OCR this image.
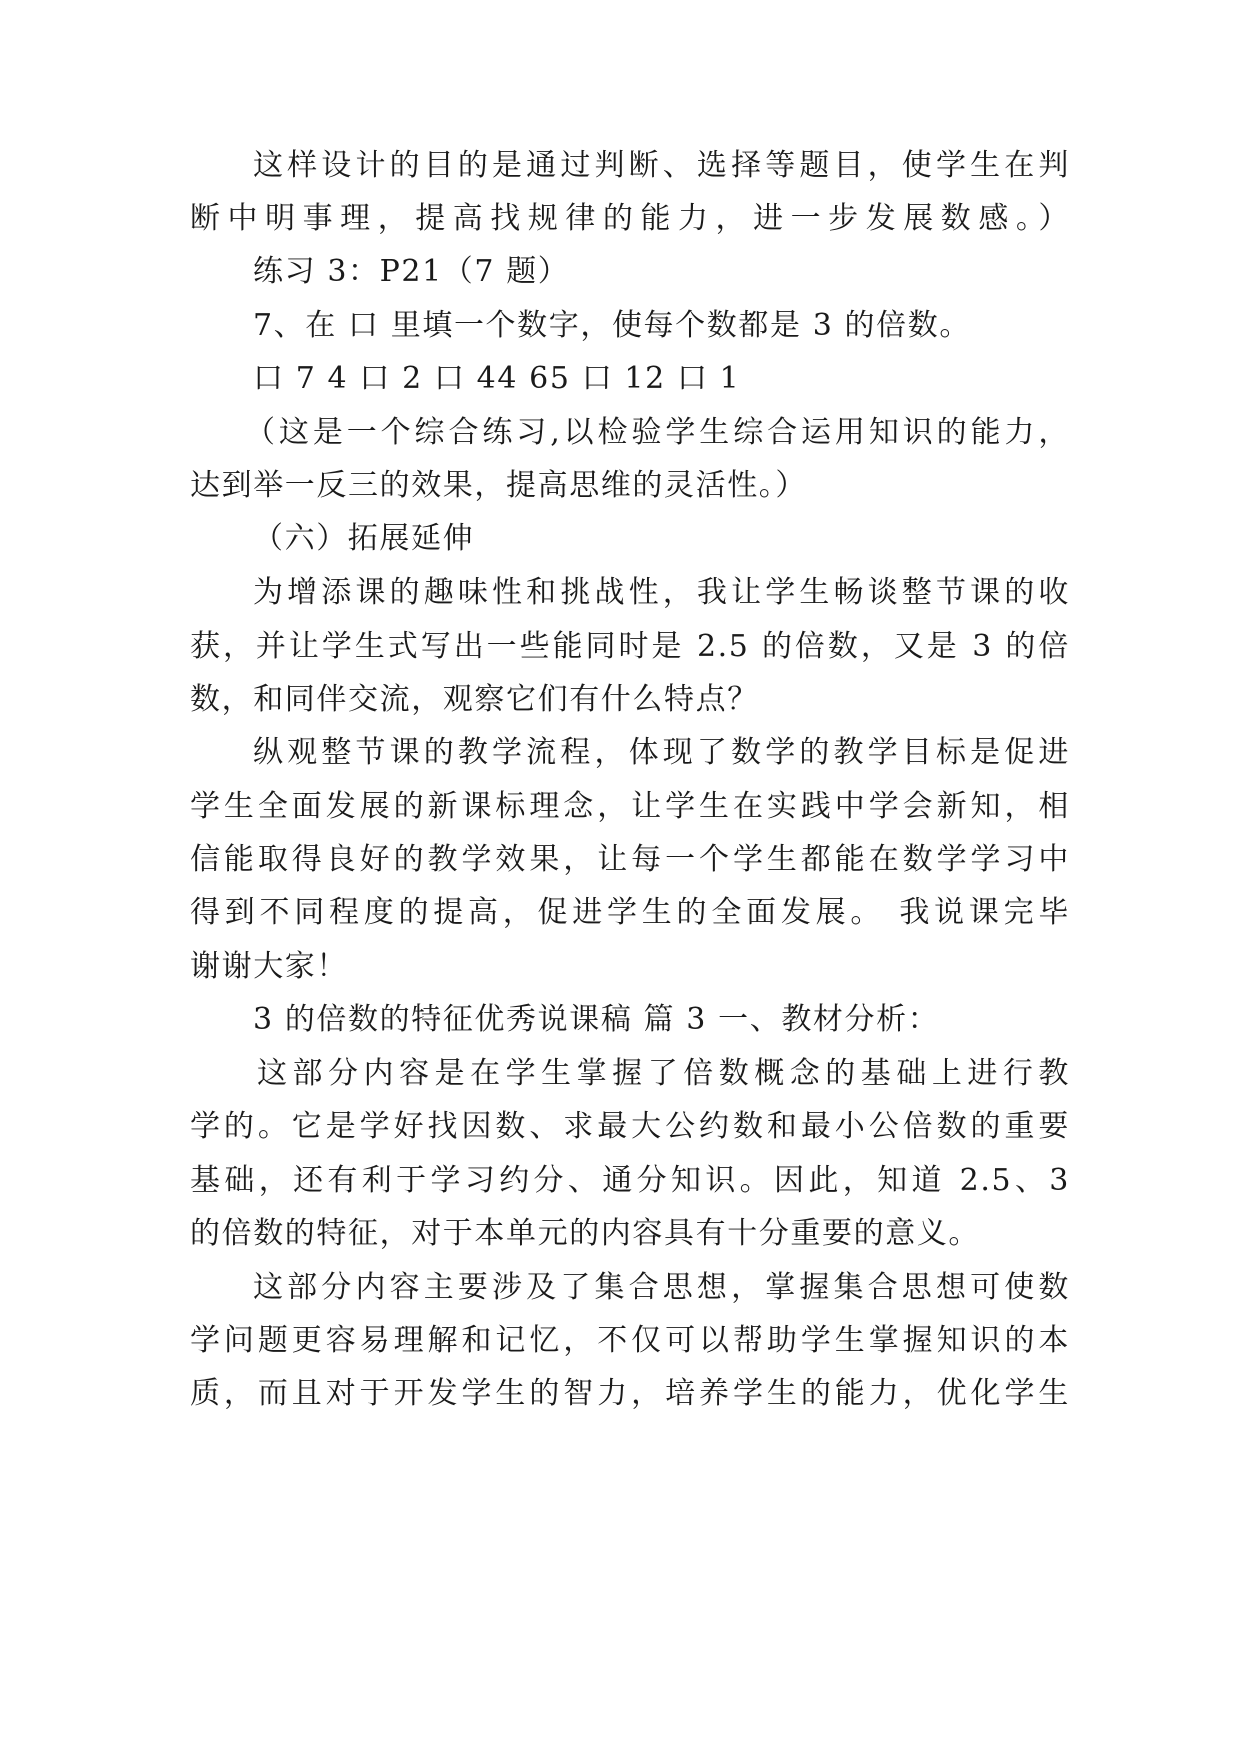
这样设计的目的是通过判断、选择等题目，使学生在判
断中明事理，提高找规律的能力，进一步发展数感。）
练习 3：P21（7 题）
7、在 口 里填一个数字，使每个数都是 3 的倍数。
口 7 4 口 2 口 44 65 口 12 口 1
（这是一个综合练习,以检验学生综合运用知识的能力，
达到举一反三的效果，提高思维的灵活性。）
（六）拓展延伸
为增添课的趣味性和挑战性，我让学生畅谈整节课的收
获，并让学生式写出一些能同时是 2.5 的倍数，又是 3 的倍
数，和同伴交流，观察它们有什么特点？
纵观整节课的教学流程，体现了数学的教学目标是促进
学生全面发展的新课标理念，让学生在实践中学会新知，相
信能取得良好的教学效果，让每一个学生都能在数学学习中
得到不同程度的提高，促进学生的全面发展。 我说课完毕
谢谢大家！
3 的倍数的特征优秀说课稿 篇 3 一、教材分析：
这部分内容是在学生掌握了倍数概念的基础上进行教
学的。它是学好找因数、求最大公约数和最小公倍数的重要
基础，还有利于学习约分、通分知识。因此，知道 2.5、3
的倍数的特征，对于本单元的内容具有十分重要的意义。
这部分内容主要涉及了集合思想，掌握集合思想可使数
学问题更容易理解和记忆，不仅可以帮助学生掌握知识的本
质，而且对于开发学生的智力，培养学生的能力，优化学生
